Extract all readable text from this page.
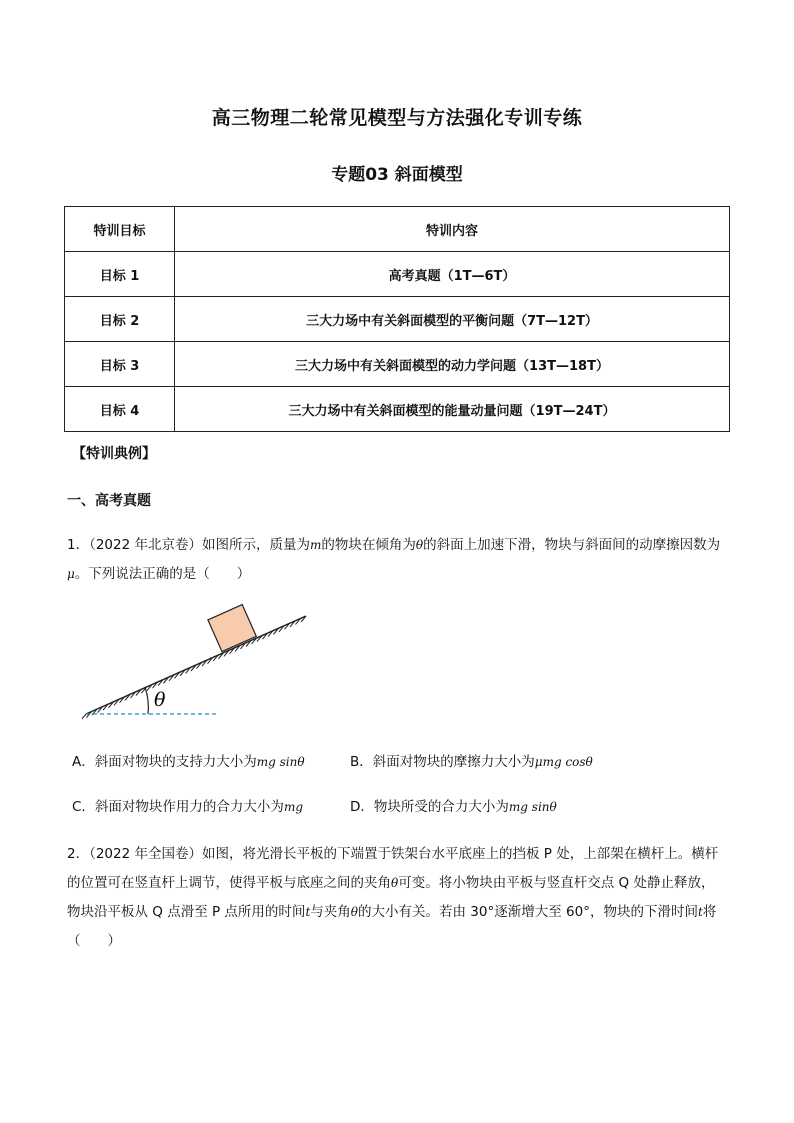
高三物理二轮常见模型与方法强化专训专练
专题03 斜面模型
特训目标	特训内容
目标 1	高考真题（1T—6T）
目标 2	三大力场中有关斜面模型的平衡问题（7T—12T）
目标 3	三大力场中有关斜面模型的动力学问题（13T—18T）
目标 4	三大力场中有关斜面模型的能量动量问题（19T—24T）
【特训典例】
一、高考真题
1．（2022 年北京卷）如图所示，质量为m的物块在倾角为θ的斜面上加速下滑，物块与斜面间的动摩擦因数为μ。下列说法正确的是（　　）
θ
A．斜面对物块的支持力大小为mg sinθ	B．斜面对物块的摩擦力大小为μmg cosθ
C．斜面对物块作用力的合力大小为mg	D．物块所受的合力大小为mg sinθ
2．（2022 年全国卷）如图，将光滑长平板的下端置于铁架台水平底座上的挡板 P 处，上部架在横杆上。横杆的位置可在竖直杆上调节，使得平板与底座之间的夹角θ可变。将小物块由平板与竖直杆交点 Q 处静止释放，物块沿平板从 Q 点滑至 P 点所用的时间t与夹角θ的大小有关。若由 30°逐渐增大至 60°，物块的下滑时间t将（　　）
